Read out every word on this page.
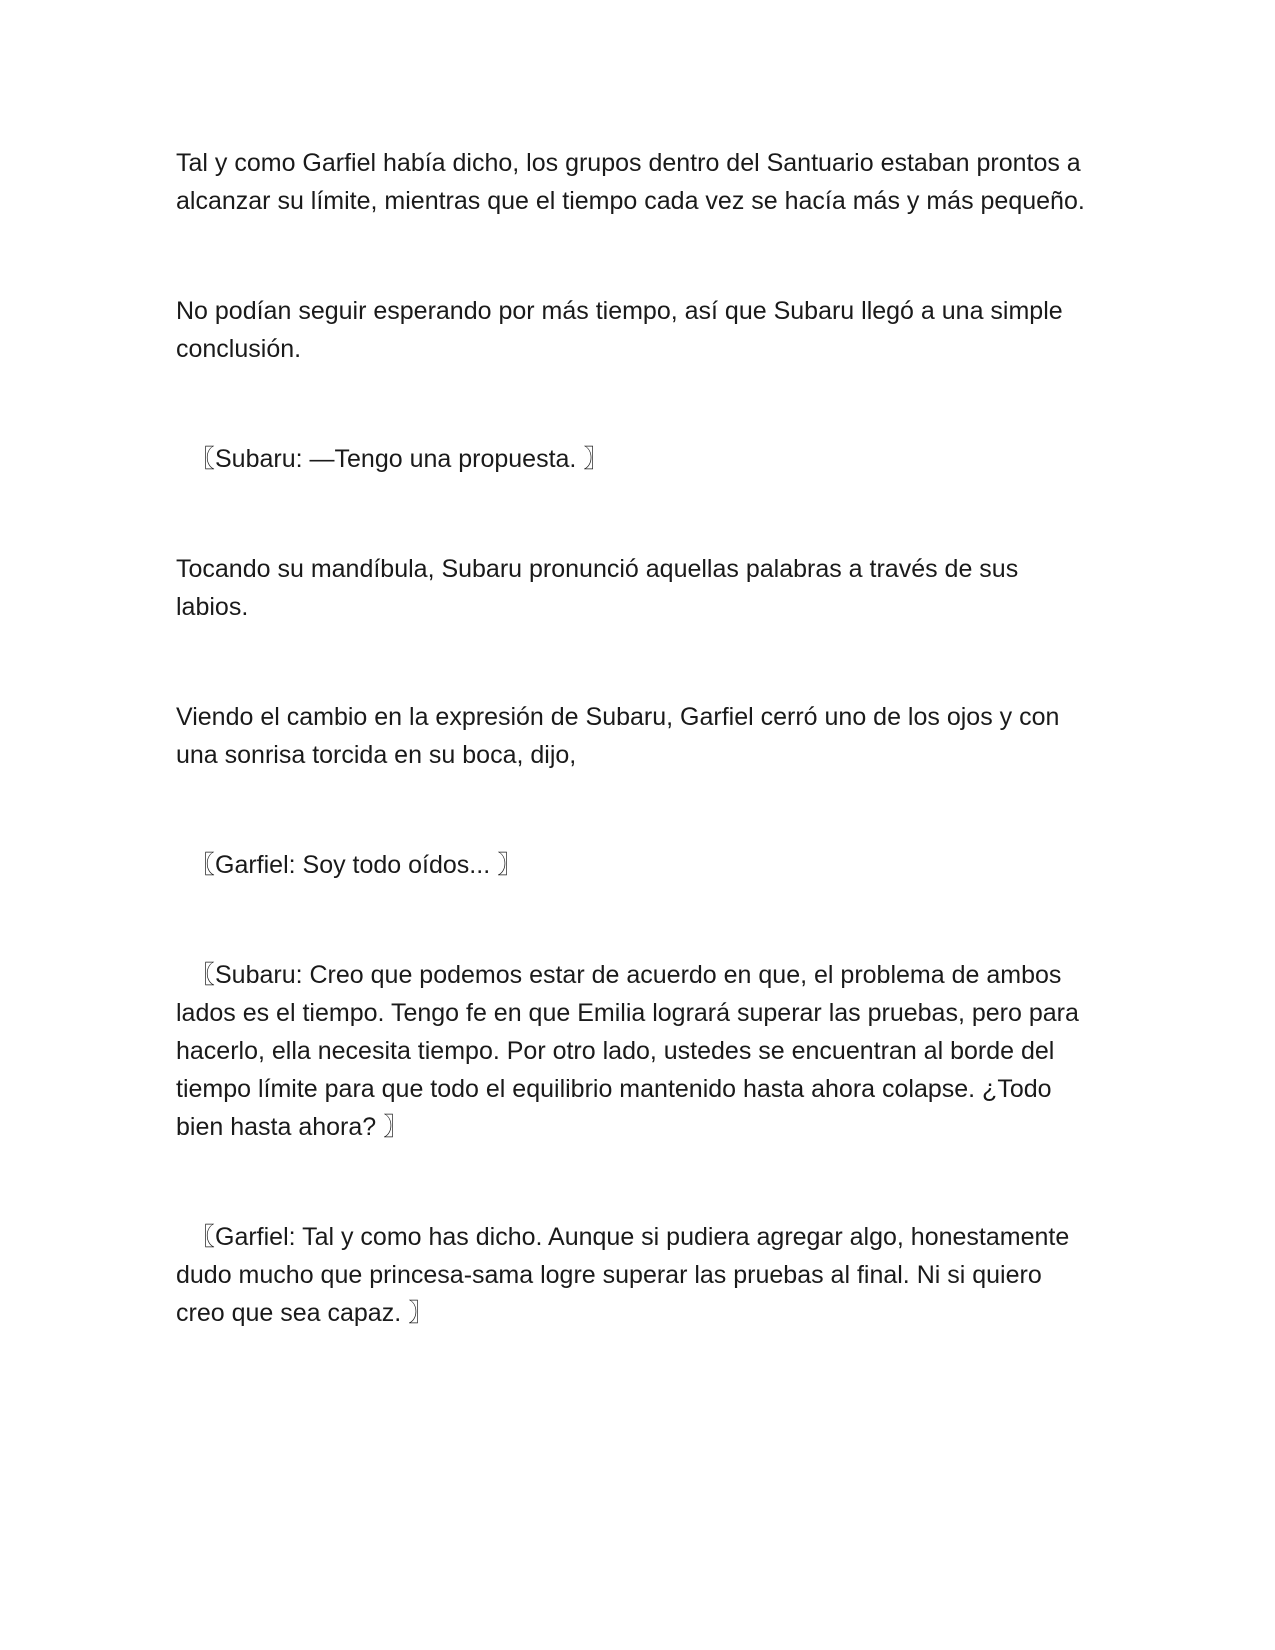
Tal y como Garfiel había dicho, los grupos dentro del Santuario estaban prontos a alcanzar su límite, mientras que el tiempo cada vez se hacía más y más pequeño.

No podían seguir esperando por más tiempo, así que Subaru llegó a una simple conclusión.

〖Subaru: —Tengo una propuesta. 〗

Tocando su mandíbula, Subaru pronunció aquellas palabras a través de sus labios.

Viendo el cambio en la expresión de Subaru, Garfiel cerró uno de los ojos y con una sonrisa torcida en su boca, dijo,

〖Garfiel: Soy todo oídos... 〗

〖Subaru: Creo que podemos estar de acuerdo en que, el problema de ambos lados es el tiempo. Tengo fe en que Emilia logrará superar las pruebas, pero para hacerlo, ella necesita tiempo. Por otro lado, ustedes se encuentran al borde del tiempo límite para que todo el equilibrio mantenido hasta ahora colapse. ¿Todo bien hasta ahora? 〗

〖Garfiel: Tal y como has dicho. Aunque si pudiera agregar algo, honestamente dudo mucho que princesa-sama logre superar las pruebas al final. Ni si quiero creo que sea capaz. 〗
